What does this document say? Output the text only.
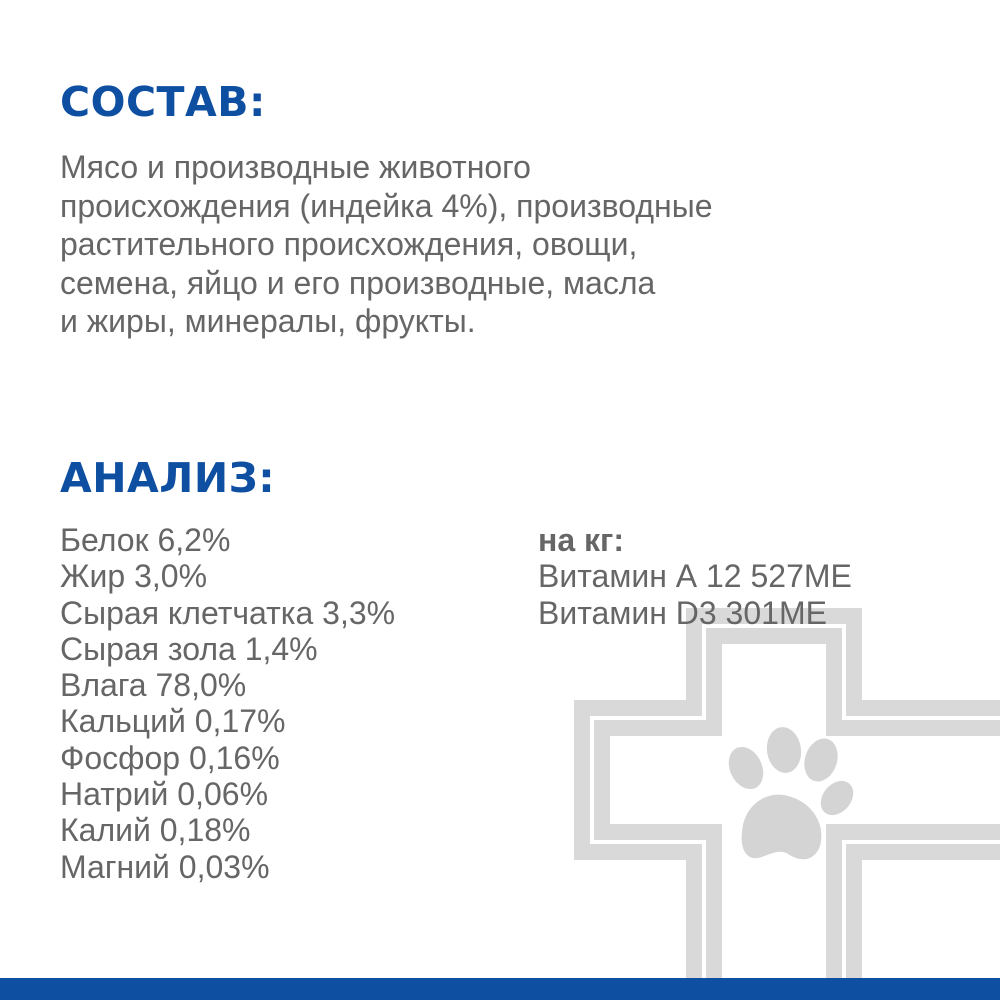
СОСТАВ:

Мясо и производные животного
происхождения (индейка 4%), производные
растительного происхождения, овощи,
семена, яйцо и его производные, масла
и жиры, минералы, фрукты.

АНАЛИЗ:
Белок 6,2%
Жир 3,0%
Сырая клетчатка 3,3%
Сырая зола 1,4%
Влага 78,0%
Кальций 0,17%
Фосфор 0,16%
Натрий 0,06%
Калий 0,18%
Магний 0,03%
на кг:
Витамин А 12 527МЕ
Витамин D3 301МЕ
